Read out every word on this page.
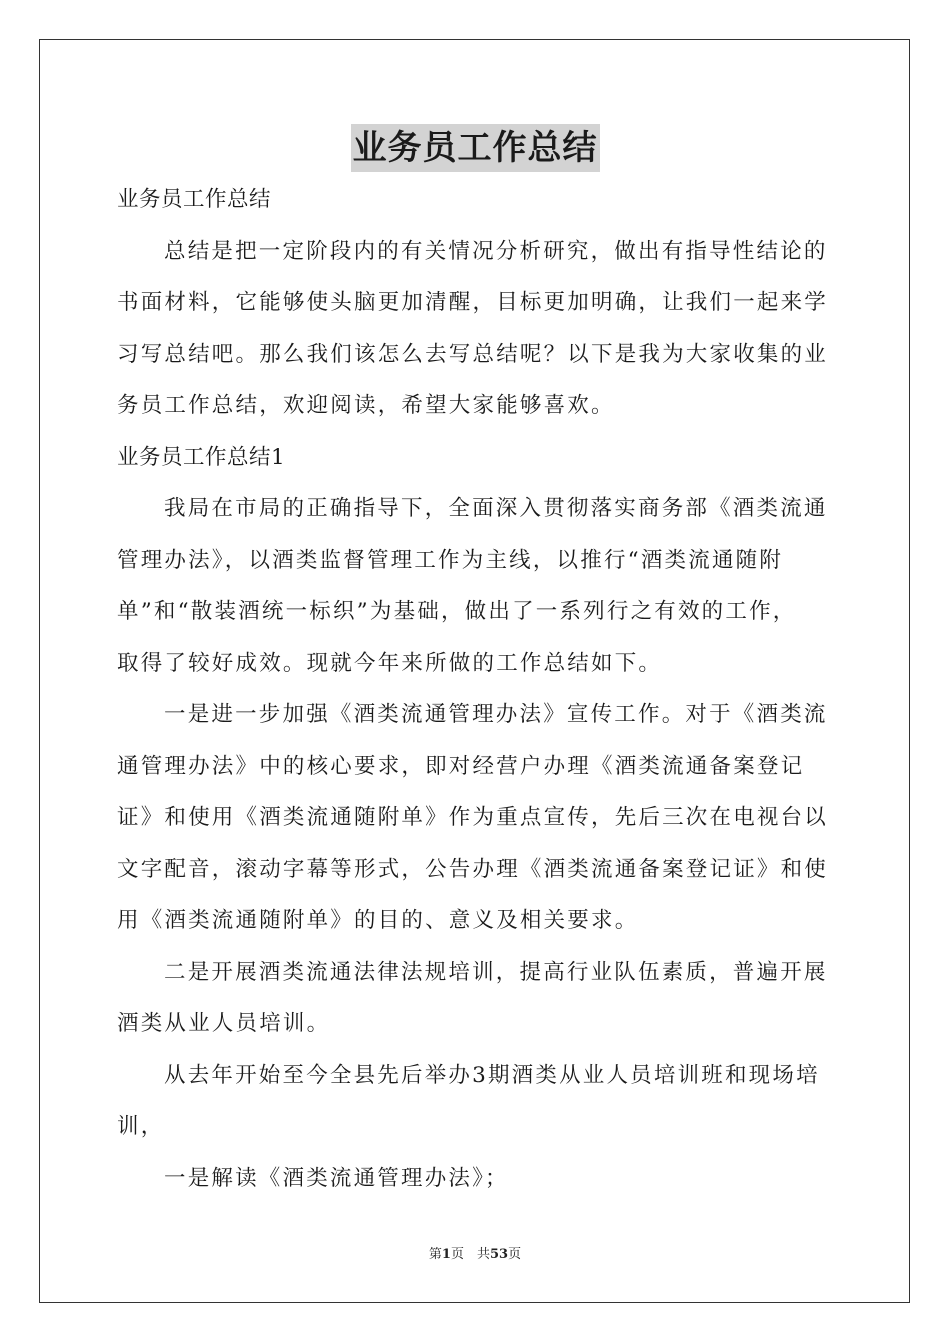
业务员工作总结
业务员工作总结
总结是把一定阶段内的有关情况分析研究，做出有指导性结论的
书面材料，它能够使头脑更加清醒，目标更加明确，让我们一起来学
习写总结吧。那么我们该怎么去写总结呢？以下是我为大家收集的业
务员工作总结，欢迎阅读，希望大家能够喜欢。
业务员工作总结1
我局在市局的正确指导下，全面深入贯彻落实商务部《酒类流通
管理办法》，以酒类监督管理工作为主线，以推行“酒类流通随附
单”和“散装酒统一标织”为基础，做出了一系列行之有效的工作，
取得了较好成效。现就今年来所做的工作总结如下。
一是进一步加强《酒类流通管理办法》宣传工作。对于《酒类流
通管理办法》中的核心要求，即对经营户办理《酒类流通备案登记
证》和使用《酒类流通随附单》作为重点宣传，先后三次在电视台以
文字配音，滚动字幕等形式，公告办理《酒类流通备案登记证》和使
用《酒类流通随附单》的目的、意义及相关要求。
二是开展酒类流通法律法规培训，提高行业队伍素质，普遍开展
酒类从业人员培训。
从去年开始至今全县先后举办3期酒类从业人员培训班和现场培
训，
一是解读《酒类流通管理办法》；
第1页　共53页
